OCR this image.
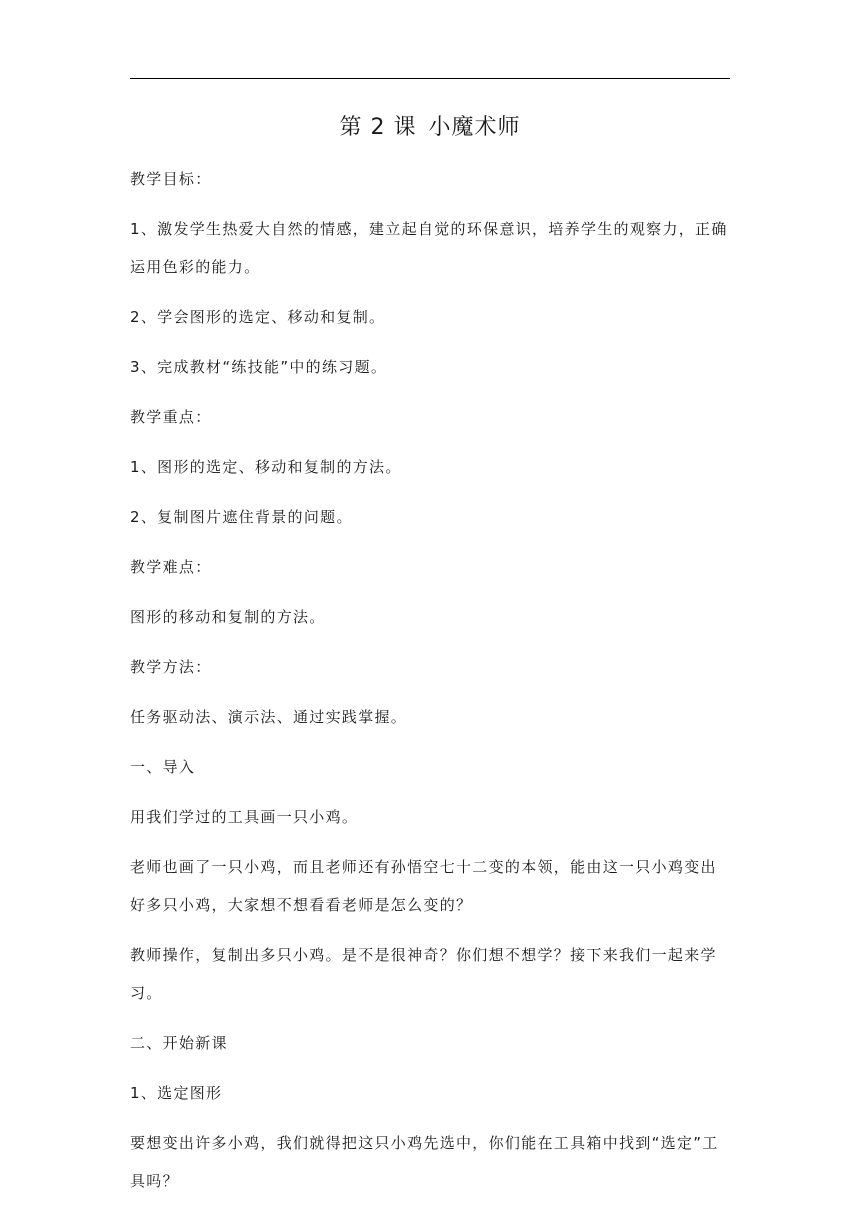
第 2 课 小魔术师

教学目标：

1、激发学生热爱大自然的情感，建立起自觉的环保意识，培养学生的观察力，正确运用色彩的能力。

2、学会图形的选定、移动和复制。

3、完成教材“练技能”中的练习题。

教学重点：

1、图形的选定、移动和复制的方法。

2、复制图片遮住背景的问题。

教学难点：

图形的移动和复制的方法。

教学方法：

任务驱动法、演示法、通过实践掌握。

一、导入

用我们学过的工具画一只小鸡。

老师也画了一只小鸡，而且老师还有孙悟空七十二变的本领，能由这一只小鸡变出好多只小鸡，大家想不想看看老师是怎么变的？

教师操作，复制出多只小鸡。是不是很神奇？你们想不想学？接下来我们一起来学习。

二、开始新课

1、选定图形

要想变出许多小鸡，我们就得把这只小鸡先选中，你们能在工具箱中找到“选定”工具吗？
